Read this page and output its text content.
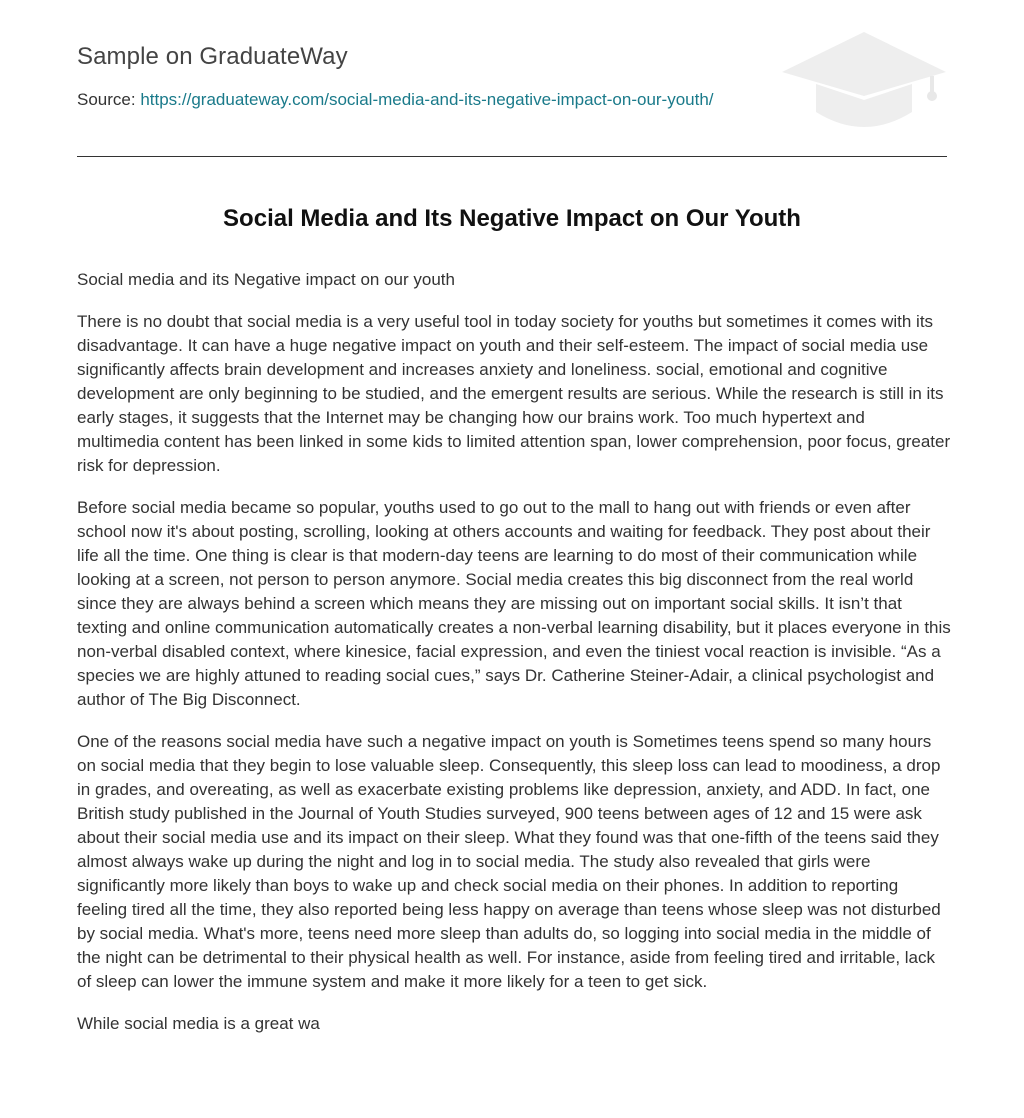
Sample on GraduateWay
Source: https://graduateway.com/social-media-and-its-negative-impact-on-our-youth/
Social Media and Its Negative Impact on Our Youth

Social media and its Negative impact on our youth

There is no doubt that social media is a very useful tool in today society for youths but sometimes it comes with its disadvantage. It can have a huge negative impact on youth and their self-esteem. The impact of social media use significantly affects brain development and increases anxiety and loneliness. social, emotional and cognitive development are only beginning to be studied, and the emergent results are serious. While the research is still in its early stages, it suggests that the Internet may be changing how our brains work. Too much hypertext and multimedia content has been linked in some kids to limited attention span, lower comprehension, poor focus, greater risk for depression.

Before social media became so popular, youths used to go out to the mall to hang out with friends or even after school now it's about posting, scrolling, looking at others accounts and waiting for feedback. They post about their life all the time. One thing is clear is that modern-day teens are learning to do most of their communication while looking at a screen, not person to person anymore. Social media creates this big disconnect from the real world since they are always behind a screen which means they are missing out on important social skills. It isn’t that texting and online communication automatically creates a non-verbal learning disability, but it places everyone in this non-verbal disabled context, where kinesice, facial expression, and even the tiniest vocal reaction is invisible. “As a species we are highly attuned to reading social cues,” says Dr. Catherine Steiner-Adair, a clinical psychologist and author of The Big Disconnect.

One of the reasons social media have such a negative impact on youth is Sometimes teens spend so many hours on social media that they begin to lose valuable sleep. Consequently, this sleep loss can lead to moodiness, a drop in grades, and overeating, as well as exacerbate existing problems like depression, anxiety, and ADD. In fact, one British study published in the Journal of Youth Studies surveyed, 900 teens between ages of 12 and 15 were ask about their social media use and its impact on their sleep. What they found was that one-fifth of the teens said they almost always wake up during the night and log in to social media. The study also revealed that girls were significantly more likely than boys to wake up and check social media on their phones. In addition to reporting feeling tired all the time, they also reported being less happy on average than teens whose sleep was not disturbed by social media. What's more, teens need more sleep than adults do, so logging into social media in the middle of the night can be detrimental to their physical health as well. For instance, aside from feeling tired and irritable, lack of sleep can lower the immune system and make it more likely for a teen to get sick.

While social media is a great wa
